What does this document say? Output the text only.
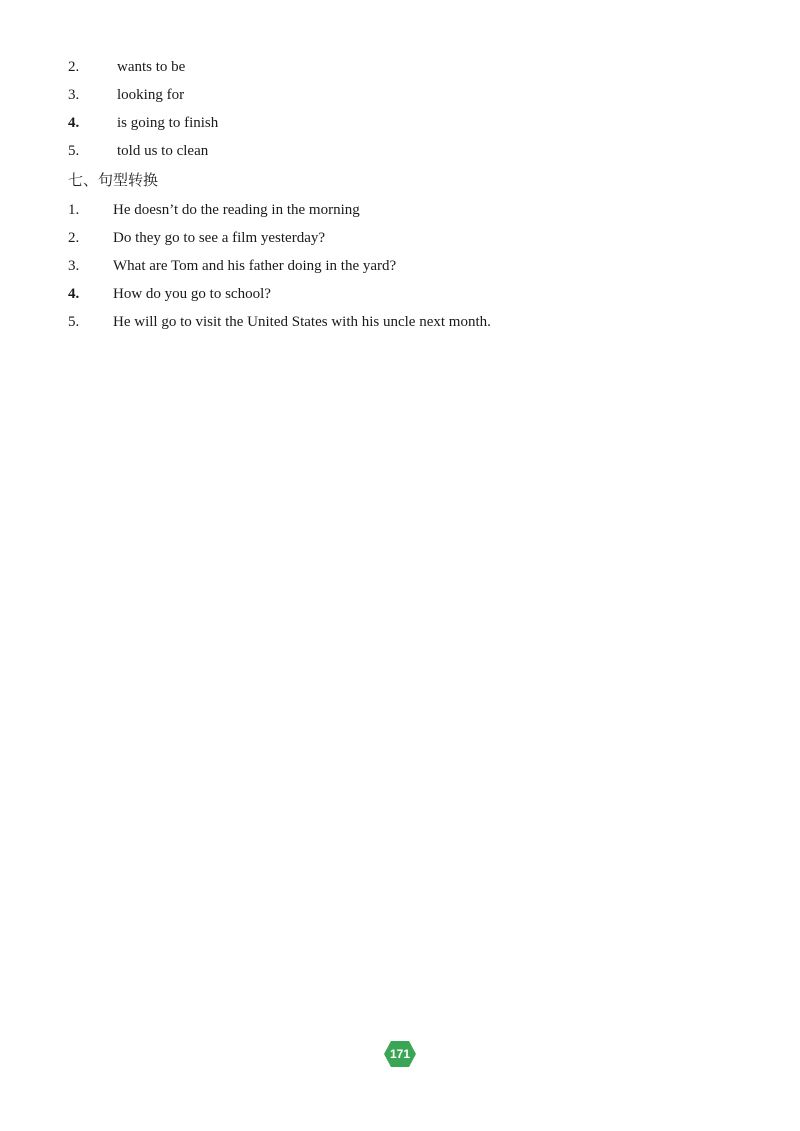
2.	wants to be
3.	looking for
4.	is going to finish
5.	told us to clean
七、句型转换
1. He doesn’t do the reading in the morning
2. Do they go to see a film yesterday?
3. What are Tom and his father doing in the yard?
4. How do you go to school?
5. He will go to visit the United States with his uncle next month.
171
